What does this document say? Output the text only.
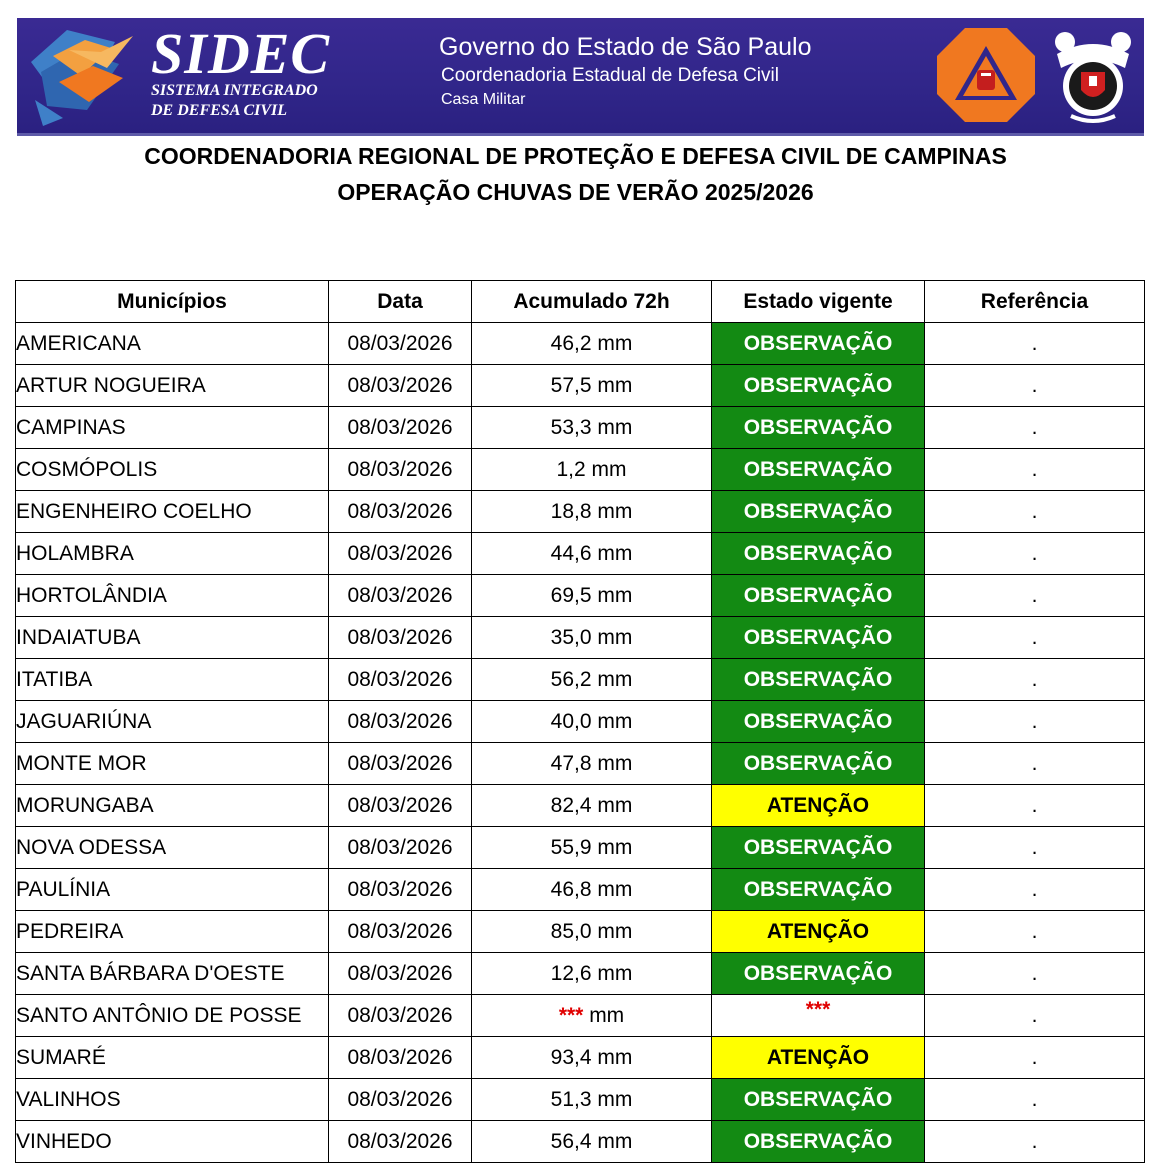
SIDEC
SISTEMA INTEGRADO
DE DEFESA CIVIL
Governo do Estado de São Paulo
Coordenadoria Estadual de Defesa Civil
Casa Militar
COORDENADORIA REGIONAL DE PROTEÇÃO E DEFESA CIVIL DE CAMPINAS
OPERAÇÃO CHUVAS DE VERÃO 2025/2026
Municípios	Data	Acumulado 72h	Estado vigente	Referência
AMERICANA	08/03/2026	46,2 mm	OBSERVAÇÃO	.
ARTUR NOGUEIRA	08/03/2026	57,5 mm	OBSERVAÇÃO	.
CAMPINAS	08/03/2026	53,3 mm	OBSERVAÇÃO	.
COSMÓPOLIS	08/03/2026	1,2 mm	OBSERVAÇÃO	.
ENGENHEIRO COELHO	08/03/2026	18,8 mm	OBSERVAÇÃO	.
HOLAMBRA	08/03/2026	44,6 mm	OBSERVAÇÃO	.
HORTOLÂNDIA	08/03/2026	69,5 mm	OBSERVAÇÃO	.
INDAIATUBA	08/03/2026	35,0 mm	OBSERVAÇÃO	.
ITATIBA	08/03/2026	56,2 mm	OBSERVAÇÃO	.
JAGUARIÚNA	08/03/2026	40,0 mm	OBSERVAÇÃO	.
MONTE MOR	08/03/2026	47,8 mm	OBSERVAÇÃO	.
MORUNGABA	08/03/2026	82,4 mm	ATENÇÃO	.
NOVA ODESSA	08/03/2026	55,9 mm	OBSERVAÇÃO	.
PAULÍNIA	08/03/2026	46,8 mm	OBSERVAÇÃO	.
PEDREIRA	08/03/2026	85,0 mm	ATENÇÃO	.
SANTA BÁRBARA D'OESTE	08/03/2026	12,6 mm	OBSERVAÇÃO	.
SANTO ANTÔNIO DE POSSE	08/03/2026	*** mm	***	.
SUMARÉ	08/03/2026	93,4 mm	ATENÇÃO	.
VALINHOS	08/03/2026	51,3 mm	OBSERVAÇÃO	.
VINHEDO	08/03/2026	56,4 mm	OBSERVAÇÃO	.
